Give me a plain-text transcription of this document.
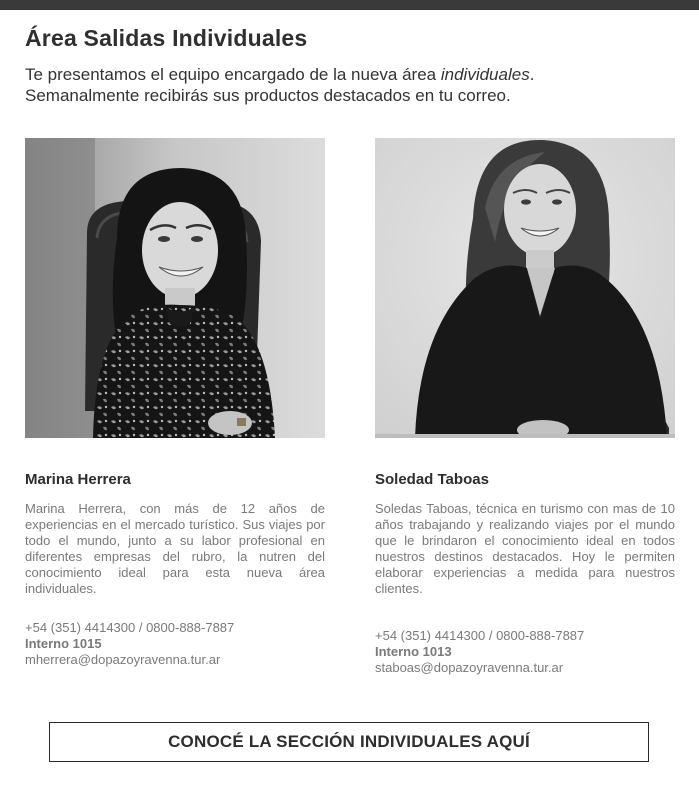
Área Salidas Individuales

Te presentamos el equipo encargado de la nueva área individuales.
Semanalmente recibirás sus productos destacados en tu correo.

Marina Herrera

Marina Herrera, con más de 12 años de experiencias en el mercado turístico. Sus viajes por todo el mundo, junto a su labor profesional en diferentes empresas del rubro, la nutren del conocimiento ideal para esta nueva área individuales.

+54 (351) 4414300 / 0800-888-7887
Interno 1015
mherrera@dopazoyravenna.tur.ar
Soledad Taboas

Soledas Taboas, técnica en turismo con mas de 10 años trabajando y realizando viajes por el mundo que le brindaron el conocimiento ideal en todos nuestros destinos destacados. Hoy le permiten elaborar experiencias a medida para nuestros clientes.

+54 (351) 4414300 / 0800-888-7887
Interno 1013
staboas@dopazoyravenna.tur.ar
CONOCÉ LA SECCIÓN INDIVIDUALES AQUÍ
